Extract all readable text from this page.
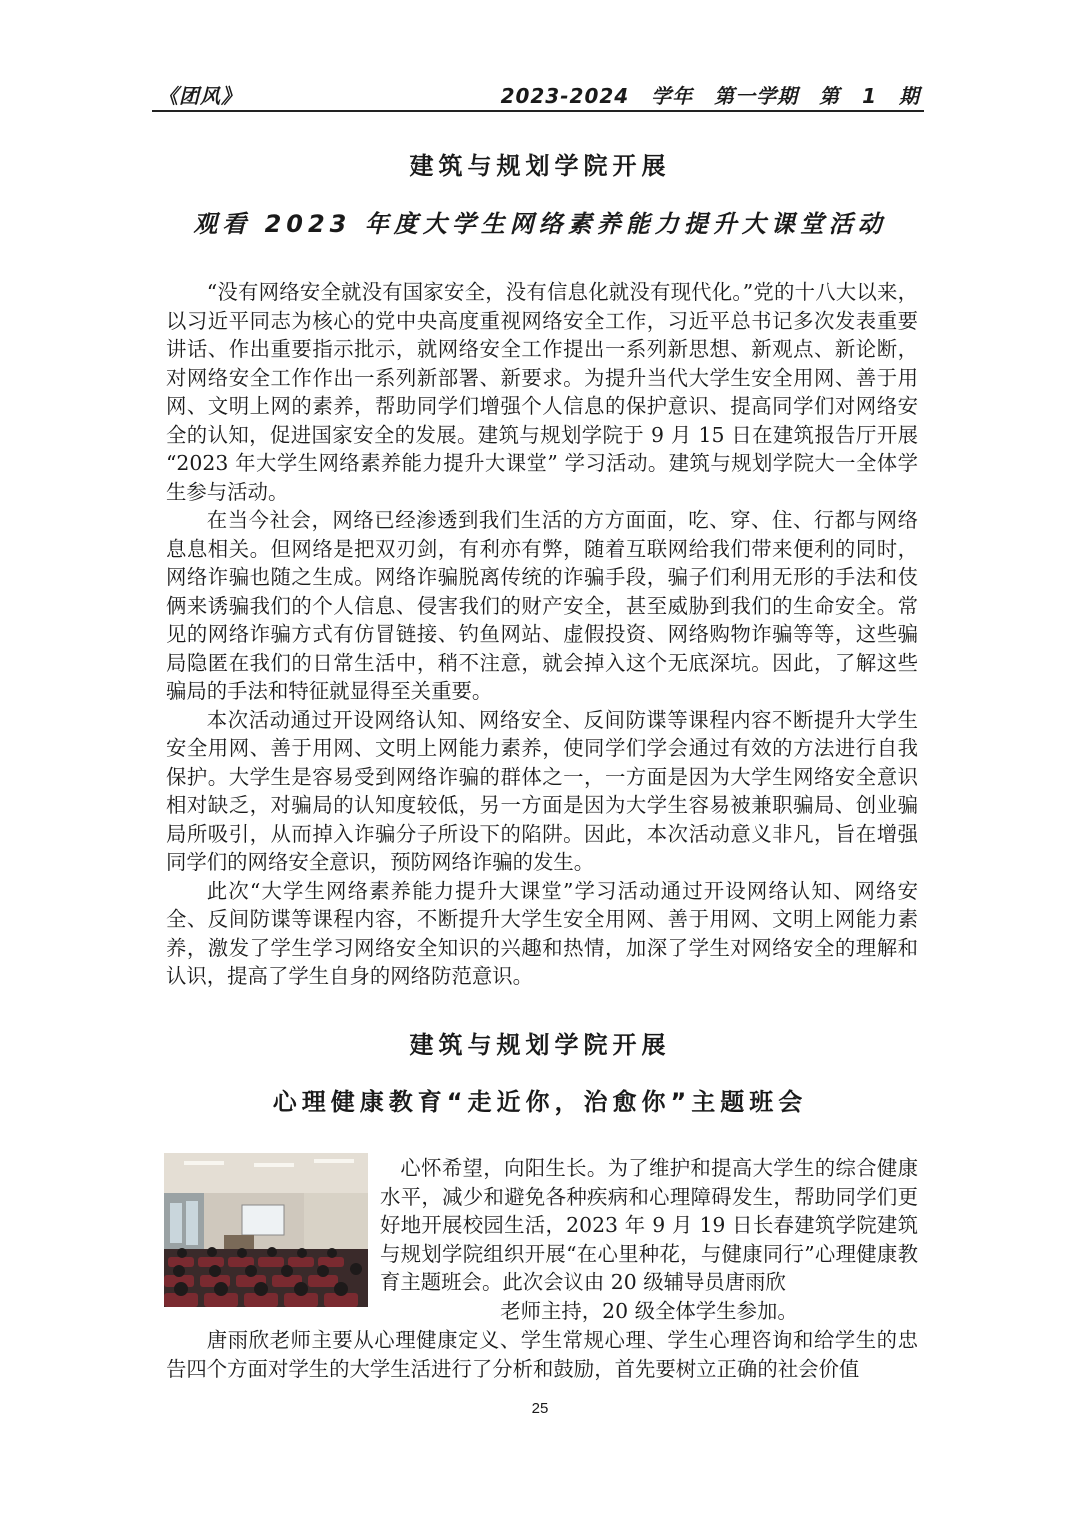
《团风》	2023-2024 学年　第一学期　第 1 期
建筑与规划学院开展
观看 2023 年度大学生网络素养能力提升大课堂活动

“没有网络安全就没有国家安全，没有信息化就没有现代化。”党的十八大以来，以习近平同志为核心的党中央高度重视网络安全工作，习近平总书记多次发表重要讲话、作出重要指示批示，就网络安全工作提出一系列新思想、新观点、新论断，对网络安全工作作出一系列新部署、新要求。为提升当代大学生安全用网、善于用网、文明上网的素养，帮助同学们增强个人信息的保护意识、提高同学们对网络安全的认知，促进国家安全的发展。建筑与规划学院于 9 月 15 日在建筑报告厅开展 “2023 年大学生网络素养能力提升大课堂” 学习活动。建筑与规划学院大一全体学生参与活动。

在当今社会，网络已经渗透到我们生活的方方面面，吃、穿、住、行都与网络息息相关。但网络是把双刃剑，有利亦有弊，随着互联网给我们带来便利的同时，网络诈骗也随之生成。网络诈骗脱离传统的诈骗手段，骗子们利用无形的手法和伎俩来诱骗我们的个人信息、侵害我们的财产安全，甚至威胁到我们的生命安全。常见的网络诈骗方式有仿冒链接、钓鱼网站、虚假投资、网络购物诈骗等等，这些骗局隐匿在我们的日常生活中，稍不注意，就会掉入这个无底深坑。因此，了解这些骗局的手法和特征就显得至关重要。

本次活动通过开设网络认知、网络安全、反间防谍等课程内容不断提升大学生安全用网、善于用网、文明上网能力素养，使同学们学会通过有效的方法进行自我保护。大学生是容易受到网络诈骗的群体之一，一方面是因为大学生网络安全意识相对缺乏，对骗局的认知度较低，另一方面是因为大学生容易被兼职骗局、创业骗局所吸引，从而掉入诈骗分子所设下的陷阱。因此，本次活动意义非凡，旨在增强同学们的网络安全意识，预防网络诈骗的发生。

此次“大学生网络素养能力提升大课堂”学习活动通过开设网络认知、网络安全、反间防谍等课程内容，不断提升大学生安全用网、善于用网、文明上网能力素养，激发了学生学习网络安全知识的兴趣和热情，加深了学生对网络安全的理解和认识，提高了学生自身的网络防范意识。

建筑与规划学院开展
心理健康教育“走近你，治愈你”主题班会

心怀希望，向阳生长。为了维护和提高大学生的综合健康水平，减少和避免各种疾病和心理障碍发生，帮助同学们更好地开展校园生活，2023 年 9 月 19 日长春建筑学院建筑与规划学院组织开展“在心里种花，与健康同行”心理健康教育主题班会。此次会议由 20 级辅导员唐雨欣

老师主持，20 级全体学生参加。

唐雨欣老师主要从心理健康定义、学生常规心理、学生心理咨询和给学生的忠告四个方面对学生的大学生活进行了分析和鼓励，首先要树立正确的社会价值

25
